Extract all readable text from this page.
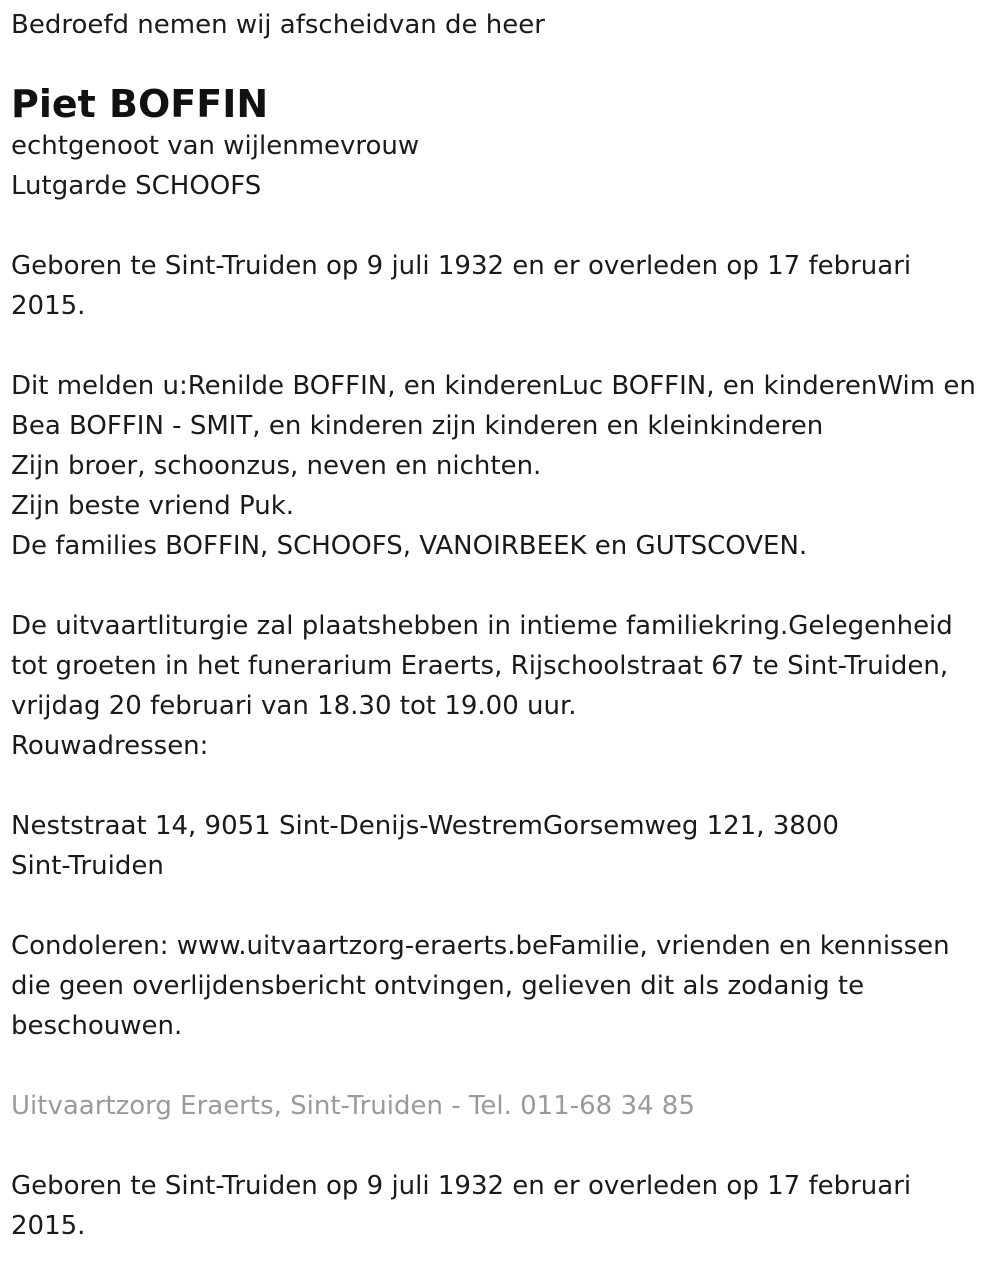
Bedroefd nemen wij afscheidvan de heer
Piet BOFFIN
echtgenoot van wijlenmevrouw
Lutgarde SCHOOFS
Geboren te Sint-Truiden op 9 juli 1932 en er overleden op 17 februari
2015.
Dit melden u:Renilde BOFFIN, en kinderenLuc BOFFIN, en kinderenWim en
Bea BOFFIN - SMIT, en kinderen zijn kinderen en kleinkinderen
Zijn broer, schoonzus, neven en nichten.
Zijn beste vriend Puk.
De families BOFFIN, SCHOOFS, VANOIRBEEK en GUTSCOVEN.
De uitvaartliturgie zal plaatshebben in intieme familiekring.Gelegenheid
tot groeten in het funerarium Eraerts, Rijschoolstraat 67 te Sint-Truiden,
vrijdag 20 februari van 18.30 tot 19.00 uur.
Rouwadressen:
Neststraat 14, 9051 Sint-Denijs-WestremGorsemweg 121, 3800
Sint-Truiden
Condoleren: www.uitvaartzorg-eraerts.beFamilie, vrienden en kennissen
die geen overlijdensbericht ontvingen, gelieven dit als zodanig te
beschouwen.
Uitvaartzorg Eraerts, Sint-Truiden - Tel. 011-68 34 85
Geboren te Sint-Truiden op 9 juli 1932 en er overleden op 17 februari
2015.
